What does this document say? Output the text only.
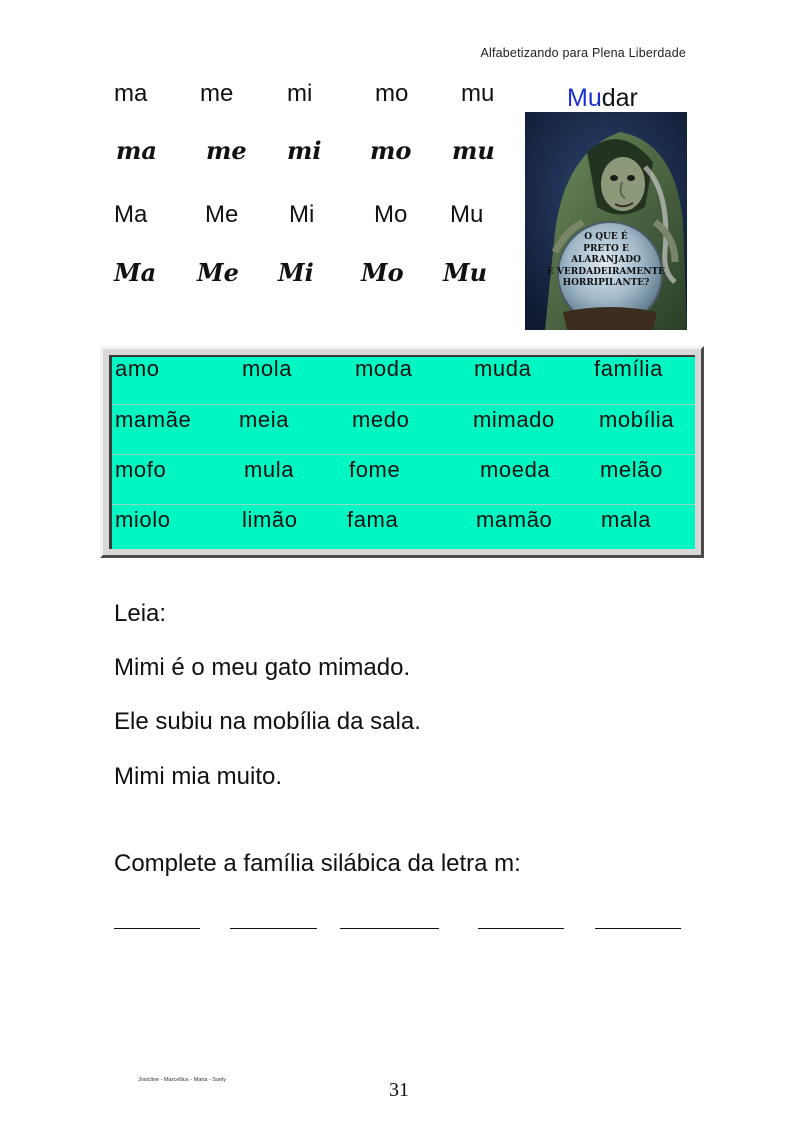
Alfabetizando para Plena Liberdade
ma me mi	mo mu
ma me mi mo mu
Ma Me Mi Mo Mu
Ma Me Mi Mo Mu
Mudar
O QUE É
PRETO E
ALARANJADO
E VERDADEIRAMENTE
HORRIPILANTE?
amo	mola	moda	muda	família
mamãe meia	medo	mimado mobília
mofo	mula fome	moeda melão
miolo	limão fama	mamão mala
Leia:
Mimi é o meu gato mimado.
Ele subiu na mobília da sala.
Mimi mia muito.
Complete a família silábica da letra m:
Josicline - Marcellius - Maria - Suely	31
